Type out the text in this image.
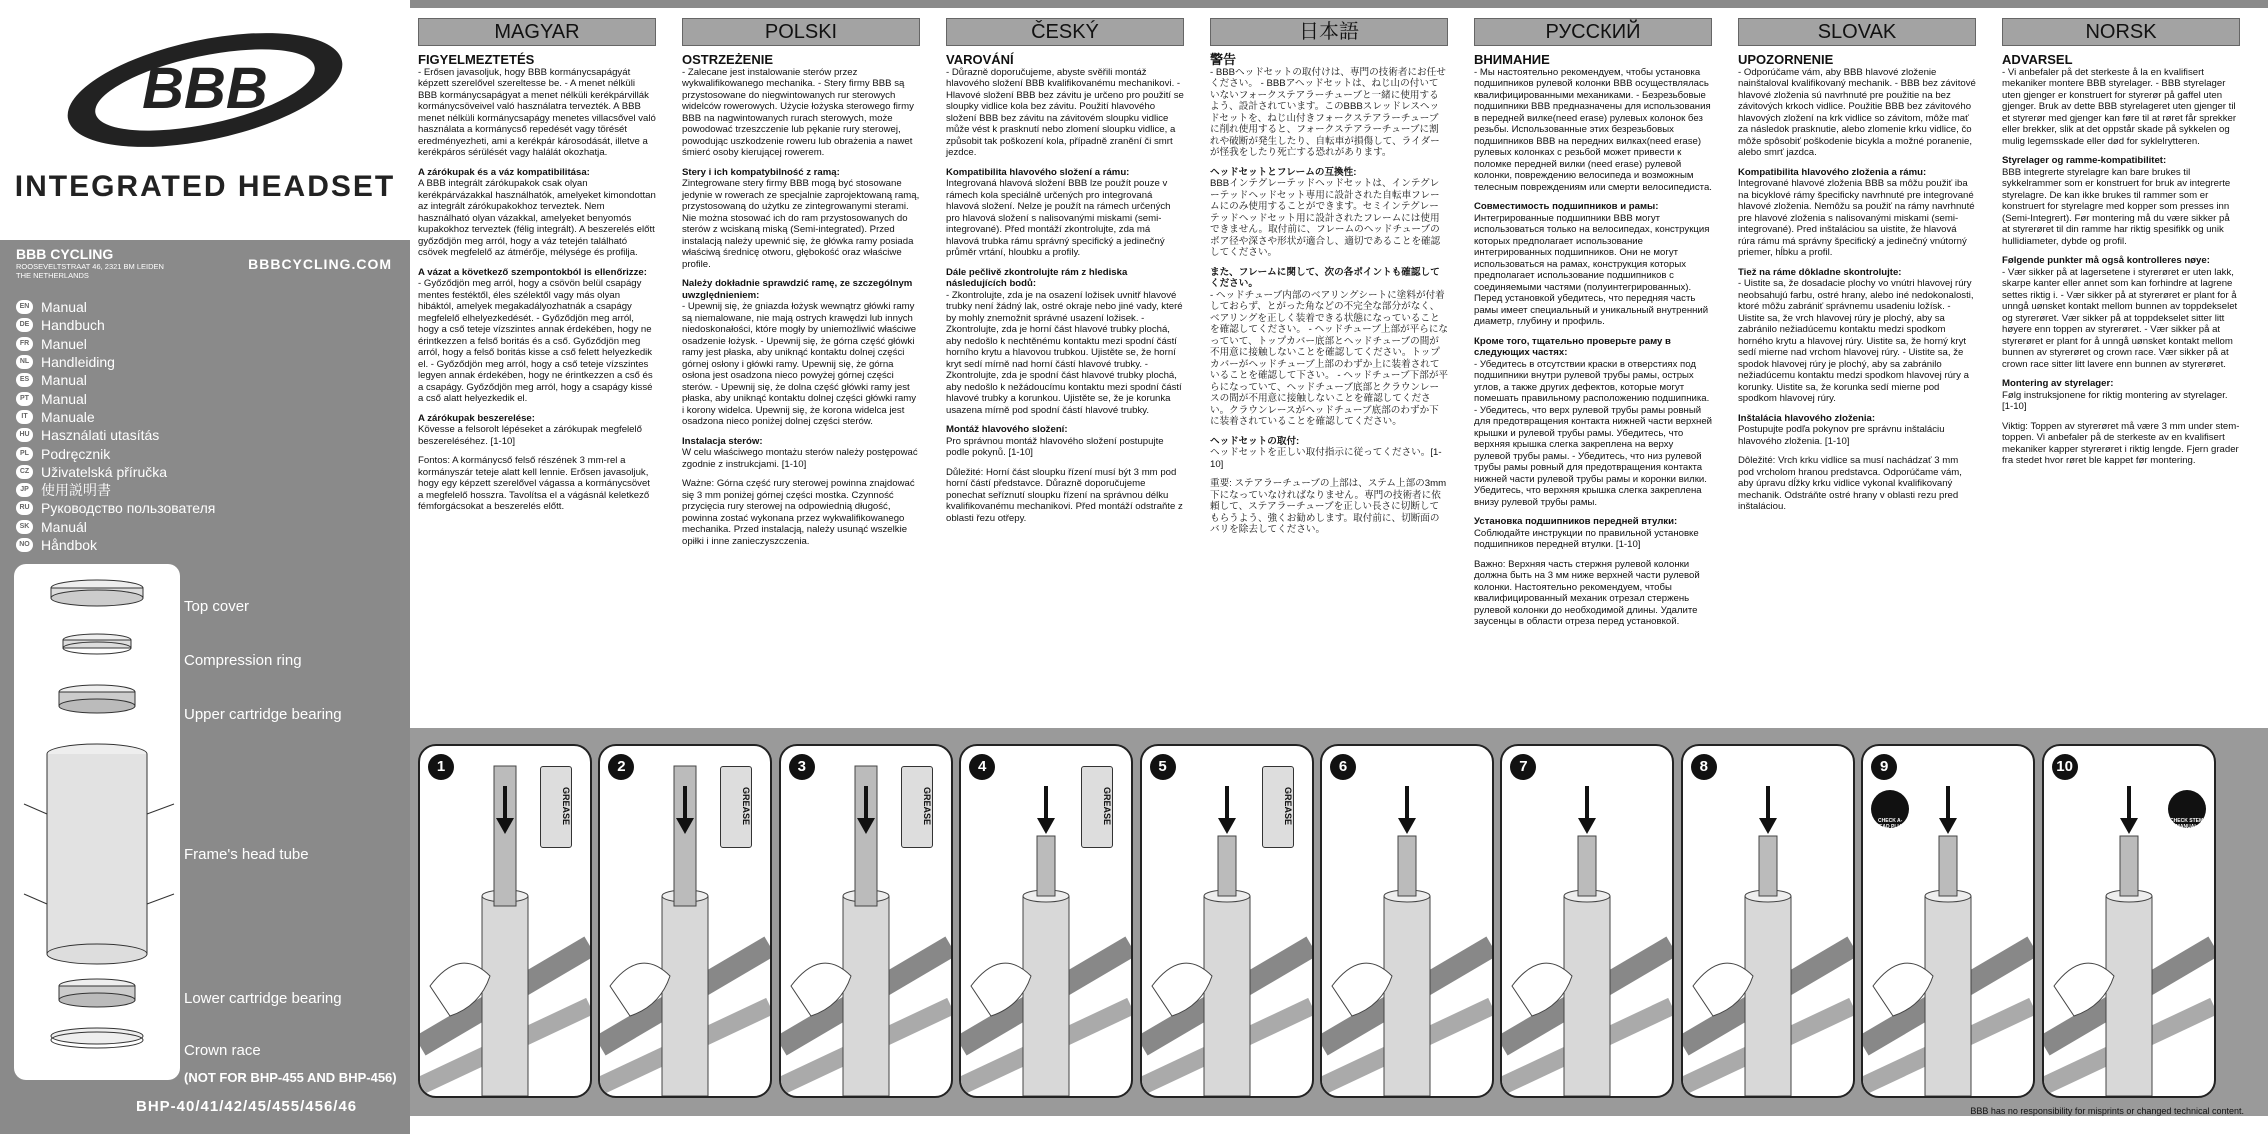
BBB
INTEGRATED HEADSET
BBB CYCLING
ROOSEVELTSTRAAT 46, 2321 BM LEIDEN THE NETHERLANDS
BBBCYCLING.COM
EN Manual
DE Handbuch
FR Manuel
NL Handleiding
ES Manual
PT Manual
IT Manuale
HU Használati utasítás
PL Podręcznik
CZ Uživatelská příručka
JP 使用説明書
RU Руководство пользователя
SK Manuál
NO Håndbok
Top cover
Compression ring
Upper cartridge bearing
Frame's head tube
Lower cartridge bearing
Crown race
(NOT FOR BHP-455 AND BHP-456)
BHP-40/41/42/45/455/456/46
MAGYAR

FIGYELMEZTETÉS
- Erősen javasoljuk, hogy BBB kormánycsapágyát képzett szerelővel szereltesse be. - A menet nélküli BBB kormánycsapágyat a menet nélküli kerékpárvillák kormánycsöveivel való használatra tervezték. A BBB menet nélküli kormánycsapágy menetes villacsővel való használata a kormánycső repedését vagy törését eredményezheti, ami a kerékpár károsodását, illetve a kerékpáros sérülését vagy halálát okozhatja.

A zárókupak és a váz kompatibilitása:
A BBB integrált zárókupakok csak olyan kerékpárvázakkal használhatók, amelyeket kimondottan az integrált zárókupakokhoz terveztek. Nem használható olyan vázakkal, amelyeket benyomós kupakokhoz terveztek (félig integrált). A beszerelés előtt győződjön meg arról, hogy a váz tetején található csövek megfelelő az átmérője, mélysége és profilja.

A vázat a következő szempontokból is ellenőrizze:
- Győződjön meg arról, hogy a csövön belül csapágy mentes festéktől, éles szélektől vagy más olyan hibáktól, amelyek megakadályozhatnák a csapágy megfelelő elhelyezkedését. - Győződjön meg arról, hogy a cső teteje vízszintes annak érdekében, hogy ne érintkezzen a felső boritás és a cső. Győződjön meg arról, hogy a felső boritás kisse a cső felett helyezkedik el. - Győződjön meg arról, hogy a cső teteje vízszintes legyen annak érdekében, hogy ne érintkezzen a cső és a csapágy. Győződjön meg arról, hogy a csapágy kissé a cső alatt helyezkedik el.

A zárókupak beszerelése:
Kövesse a felsorolt lépéseket a zárókupak megfelelő beszereléséhez. [1-10]

Fontos: A kormánycső felső részének 3 mm-rel a kormányszár teteje alatt kell lennie. Erősen javasoljuk, hogy egy képzett szerelővel vágassa a kormánycsövet a megfelelő hosszra. Tavolítsa el a vágásnál keletkező fémforgácsokat a beszerelés előtt.

POLSKI

OSTRZEŻENIE
- Zalecane jest instalowanie sterów przez wykwalifikowanego mechanika. - Stery firmy BBB są przystosowane do niegwintowanych rur sterowych widelców rowerowych. Użycie łożyska sterowego firmy BBB na nagwintowanych rurach sterowych, może powodować trzeszczenie lub pękanie rury sterowej, powodując uszkodzenie roweru lub obrażenia a nawet śmierć osoby kierującej rowerem.

Stery i ich kompatybilność z ramą:
Zintegrowane stery firmy BBB mogą być stosowane jedynie w rowerach ze specjalnie zaprojektowaną ramą, przystosowaną do użytku ze zintegrowanymi sterami. Nie można stosować ich do ram przystosowanych do sterów z wciskaną miską (Semi-integrated). Przed instalacją należy upewnić się, że główka ramy posiada właściwą średnicę otworu, głębokość oraz właściwe profile.

Należy dokładnie sprawdzić ramę, ze szczególnym uwzględnieniem:
- Upewnij się, że gniazda łożysk wewnątrz główki ramy są niemalowane, nie mają ostrych krawędzi lub innych niedoskonałości, które mogły by uniemożliwić właściwe osadzenie łożysk. - Upewnij się, że górna część główki ramy jest płaska, aby uniknąć kontaktu dolnej części górnej osłony i główki ramy. Upewnij się, że górna osłona jest osadzona nieco powyżej górnej części sterów. - Upewnij się, że dolna część główki ramy jest płaska, aby uniknąć kontaktu dolnej części główki ramy i korony widelca. Upewnij się, że korona widelca jest osadzona nieco poniżej dolnej części sterów.

Instalacja sterów:
W celu właściwego montażu sterów należy postępować zgodnie z instrukcjami. [1-10]

Ważne: Górna część rury sterowej powinna znajdować się 3 mm poniżej górnej części mostka. Czynność przycięcia rury sterowej na odpowiednią długość, powinna zostać wykonana przez wykwalifikowanego mechanika. Przed instalacją, należy usunąć wszelkie opiłki i inne zanieczyszczenia.

ČESKÝ

VAROVÁNÍ
- Důrazně doporučujeme, abyste svěřili montáž hlavového složení BBB kvalifikovanému mechanikovi. - Hlavové složení BBB bez závitu je určeno pro použití se sloupky vidlice kola bez závitu. Použití hlavového složení BBB bez závitu na závitovém sloupku vidlice může vést k prasknutí nebo zlomení sloupku vidlice, a způsobit tak poškození kola, případně zranění či smrt jezdce.

Kompatibilita hlavového složení a rámu:
Integrovaná hlavová složení BBB lze použít pouze v rámech kola speciálně určených pro integrovaná hlavová složení. Nelze je použít na rámech určených pro hlavová složení s nalisovanými miskami (semi-integrované). Před montáží zkontrolujte, zda má hlavová trubka rámu správný specifický a jedinečný průměr vrtání, hloubku a profily.

Dále pečlivě zkontrolujte rám z hlediska následujících bodů:
- Zkontrolujte, zda je na osazení ložisek uvnitř hlavové trubky není žádný lak, ostré okraje nebo jiné vady, které by mohly znemožnit správné usazení ložisek. - Zkontrolujte, zda je horní část hlavové trubky plochá, aby nedošlo k nechtěnému kontaktu mezi spodní částí horního krytu a hlavovou trubkou. Ujistěte se, že horní kryt sedí mírně nad horní částí hlavové trubky. - Zkontrolujte, zda je spodní část hlavové trubky plochá, aby nedošlo k nežádoucímu kontaktu mezi spodní částí hlavové trubky a korunkou. Ujistěte se, že je korunka usazena mírně pod spodní částí hlavové trubky.

Montáž hlavového složení:
Pro správnou montáž hlavového složení postupujte podle pokynů. [1-10]

Důležité: Horní část sloupku řízení musí být 3 mm pod horní částí představce. Důrazně doporučujeme ponechat seříznutí sloupku řízení na správnou délku kvalifikovanému mechanikovi. Před montáží odstraňte z oblasti řezu otřepy.

日本語

警告
- BBBヘッドセットの取付けは、専門の技術者にお任せください。 - BBBアヘッドセットは、ねじ山の付いていないフォークステアラーチューブと一緒に使用するよう、設計されています。このBBBスレッドレスヘッドセットを、ねじ山付きフォークステアラーチューブに削れ使用すると、フォークステアラーチューブに割れや破断が発生したり、自転車が損傷して、ライダーが怪我をしたり死亡する恐れがあります。

ヘッドセットとフレームの互換性:
BBBインテグレーテッドヘッドセットは、インテグレーテッドヘッドセット専用に設計された自転車フレームにのみ使用することができます。セミインテグレーテッドヘッドセット用に設計されたフレームには使用できません。取付前に、フレームのヘッドチューブのボア径や深さや形状が適合し、適切であることを確認してください。

また、フレームに関して、次の各ポイントも確認してください。
- ヘッドチューブ内部のベアリングシートに塗料が付着しておらず、とがった角などの不完全な部分がなく、ベアリングを正しく装着できる状態になっていることを確認してください。 - ヘッドチューブ上部が平らになっていて、トップカバー底部とヘッドチューブの間が不用意に接触しないことを確認してください。トップカバーがヘッドチューブ上部のわずか上に装着されていることを確認して下さい。 - ヘッドチューブ下部が平らになっていて、ヘッドチューブ底部とクラウンレースの間が不用意に接触しないことを確認してください。クラウンレースがヘッドチューブ底部のわずか下に装着されていることを確認してください。

ヘッドセットの取付:
ヘッドセットを正しい取付指示に従ってください。[1-10]

重要: ステアラーチューブの上部は、ステム上部の3mm下になっていなければなりません。専門の技術者に依頼して、ステアラーチューブを正しい長さに切断してもらうよう、強くお勧めします。取付前に、切断面のバリを除去してください。

РУССКИЙ

ВНИМАНИЕ
- Мы настоятельно рекомендуем, чтобы установка подшипников рулевой колонки BBB осуществлялась квалифицированными механиками. - Безрезьбовые подшипники BBB предназначены для использования в передней вилке(need erase) рулевых колонок без резьбы. Использованные этих безрезьбовых подшипников BBB на передних вилках(need erase) рулевых колонках с резьбой может привести к поломке передней вилки (need erase) рулевой колонки, повреждению велосипеда и возможным телесным повреждениям или смерти велосипедиста.

Совместимость подшипников и рамы:
Интегрированные подшипники BBB могут использоваться только на велосипедах, конструкция которых предполагает использование интегрированных подшипников. Они не могут использоваться на рамах, конструкция которых предполагает использование подшипников с соединяемыми частями (полуинтегрированных). Перед установкой убедитесь, что передняя часть рамы имеет специальный и уникальный внутренний диаметр, глубину и профиль.

Кроме того, тщательно проверьте раму в следующих частях:
- Убедитесь в отсутствии краски в отверстиях под подшипники внутри рулевой трубы рамы, острых углов, а также других дефектов, которые могут помешать правильному расположению подшипника. - Убедитесь, что верх рулевой трубы рамы ровный для предотвращения контакта нижней части верхней крышки и рулевой трубы рамы. Убедитесь, что верхняя крышка слегка закреплена на верху рулевой трубы рамы. - Убедитесь, что низ рулевой трубы рамы ровный для предотвращения контакта нижней части рулевой трубы рамы и коронки вилки. Убедитесь, что верхняя крышка слегка закреплена внизу рулевой трубы рамы.

Установка подшипников передней втулки:
Соблюдайте инструкции по правильной установке подшипников передней втулки. [1-10]

Важно: Верхняя часть стержня рулевой колонки должна быть на 3 мм ниже верхней части рулевой колонки. Настоятельно рекомендуем, чтобы квалифицированный механик отрезал стержень рулевой колонки до необходимой длины. Удалите заусенцы в области отреза перед установкой.

SLOVAK

UPOZORNENIE
- Odporúčame vám, aby BBB hlavové zloženie nainštaloval kvalifikovaný mechanik. - BBB bez závitové hlavové zloženia sú navrhnuté pre použitie na bez závitových krkoch vidlice. Použitie BBB bez závitového hlavových zložení na krk vidlice so závitom, môže mať za následok prasknutie, alebo zlomenie krku vidlice, čo môže spôsobiť poškodenie bicykla a možné poranenie, alebo smrť jazdca.

Kompatibilita hlavového zloženia a rámu:
Integrované hlavové zloženia BBB sa môžu použiť iba na bicyklové rámy špecificky navrhnuté pre integrované hlavové zloženia. Nemôžu sa použiť na rámy navrhnuté pre hlavové zloženia s nalisovanými miskami (semi-integrované). Pred inštaláciou sa uistite, že hlavová rúra rámu má správny špecifický a jedinečný vnútorný priemer, hĺbku a profil.

Tiež na ráme dôkladne skontrolujte:
- Uistite sa, že dosadacie plochy vo vnútri hlavovej rúry neobsahujú farbu, ostré hrany, alebo iné nedokonalosti, ktoré môžu zabrániť správnemu usadeniu ložísk. - Uistite sa, že vrch hlavovej rúry je plochý, aby sa zabránilo nežiadúcemu kontaktu medzi spodkom horného krytu a hlavovej rúry. Uistite sa, že horný kryt sedí mierne nad vrchom hlavovej rúry. - Uistite sa, že spodok hlavovej rúry je plochý, aby sa zabránilo nežiadúcemu kontaktu medzi spodkom hlavovej rúry a korunky. Uistite sa, že korunka sedí mierne pod spodkom hlavovej rúry.

Inštalácia hlavového zloženia:
Postupujte podľa pokynov pre správnu inštaláciu hlavového zloženia. [1-10]

Dôležité: Vrch krku vidlice sa musí nachádzať 3 mm pod vrcholom hranou predstavca. Odporúčame vám, aby úpravu dĺžky krku vidlice vykonal kvalifikovaný mechanik. Odstráňte ostré hrany v oblasti rezu pred inštaláciou.

NORSK

ADVARSEL
- Vi anbefaler på det sterkeste å la en kvalifisert mekaniker montere BBB styrelager. - BBB styrelager uten gjenger er konstruert for styrerør på gaffel uten gjenger. Bruk av dette BBB styrelageret uten gjenger til et styrerør med gjenger kan føre til at røret får sprekker eller brekker, slik at det oppstår skade på sykkelen og mulig legemsskade eller død for syklelrytteren.

Styrelager og ramme-kompatibilitet:
BBB integrerte styrelagre kan bare brukes til sykkelrammer som er konstruert for bruk av integrerte styrelagre. De kan ikke brukes til rammer som er konstruert for styrelagre med kopper som presses inn (Semi-Integrert). Før montering må du være sikker på at styrerøret til din ramme har riktig spesifikk og unik hullidiameter, dybde og profil.

Følgende punkter må også kontrolleres nøye:
- Vær sikker på at lagersetene i styrerøret er uten lakk, skarpe kanter eller annet som kan forhindre at lagrene settes riktig i. - Vær sikker på at styrerøret er plant for å unngå uønsket kontakt mellom bunnen av toppdekselet og styrerøret. Vær sikker på at toppdekselet sitter litt høyere enn toppen av styrerøret. - Vær sikker på at styrerøret er plant for å unngå uønsket kontakt mellom bunnen av styrerøret og crown race. Vær sikker på at crown race sitter litt lavere enn bunnen av styrerøret.

Montering av styrelager:
Følg instruksjonene for riktig montering av styrelager. [1-10]

Viktig: Toppen av styrerøret må være 3 mm under stem-toppen. Vi anbefaler på de sterkeste av en kvalifisert mekaniker kapper styrerøret i riktig lengde. Fjern grader fra stedet hvor røret ble kappet før montering.

1
GREASE
2
GREASE
3
GREASE
4
GREASE
5
GREASE
6	7	8	9
CHECK A-HEAD PLUG MANUAL
10
CHECK STEM MANUAL
BBB has no responsibility for misprints or changed technical content.
